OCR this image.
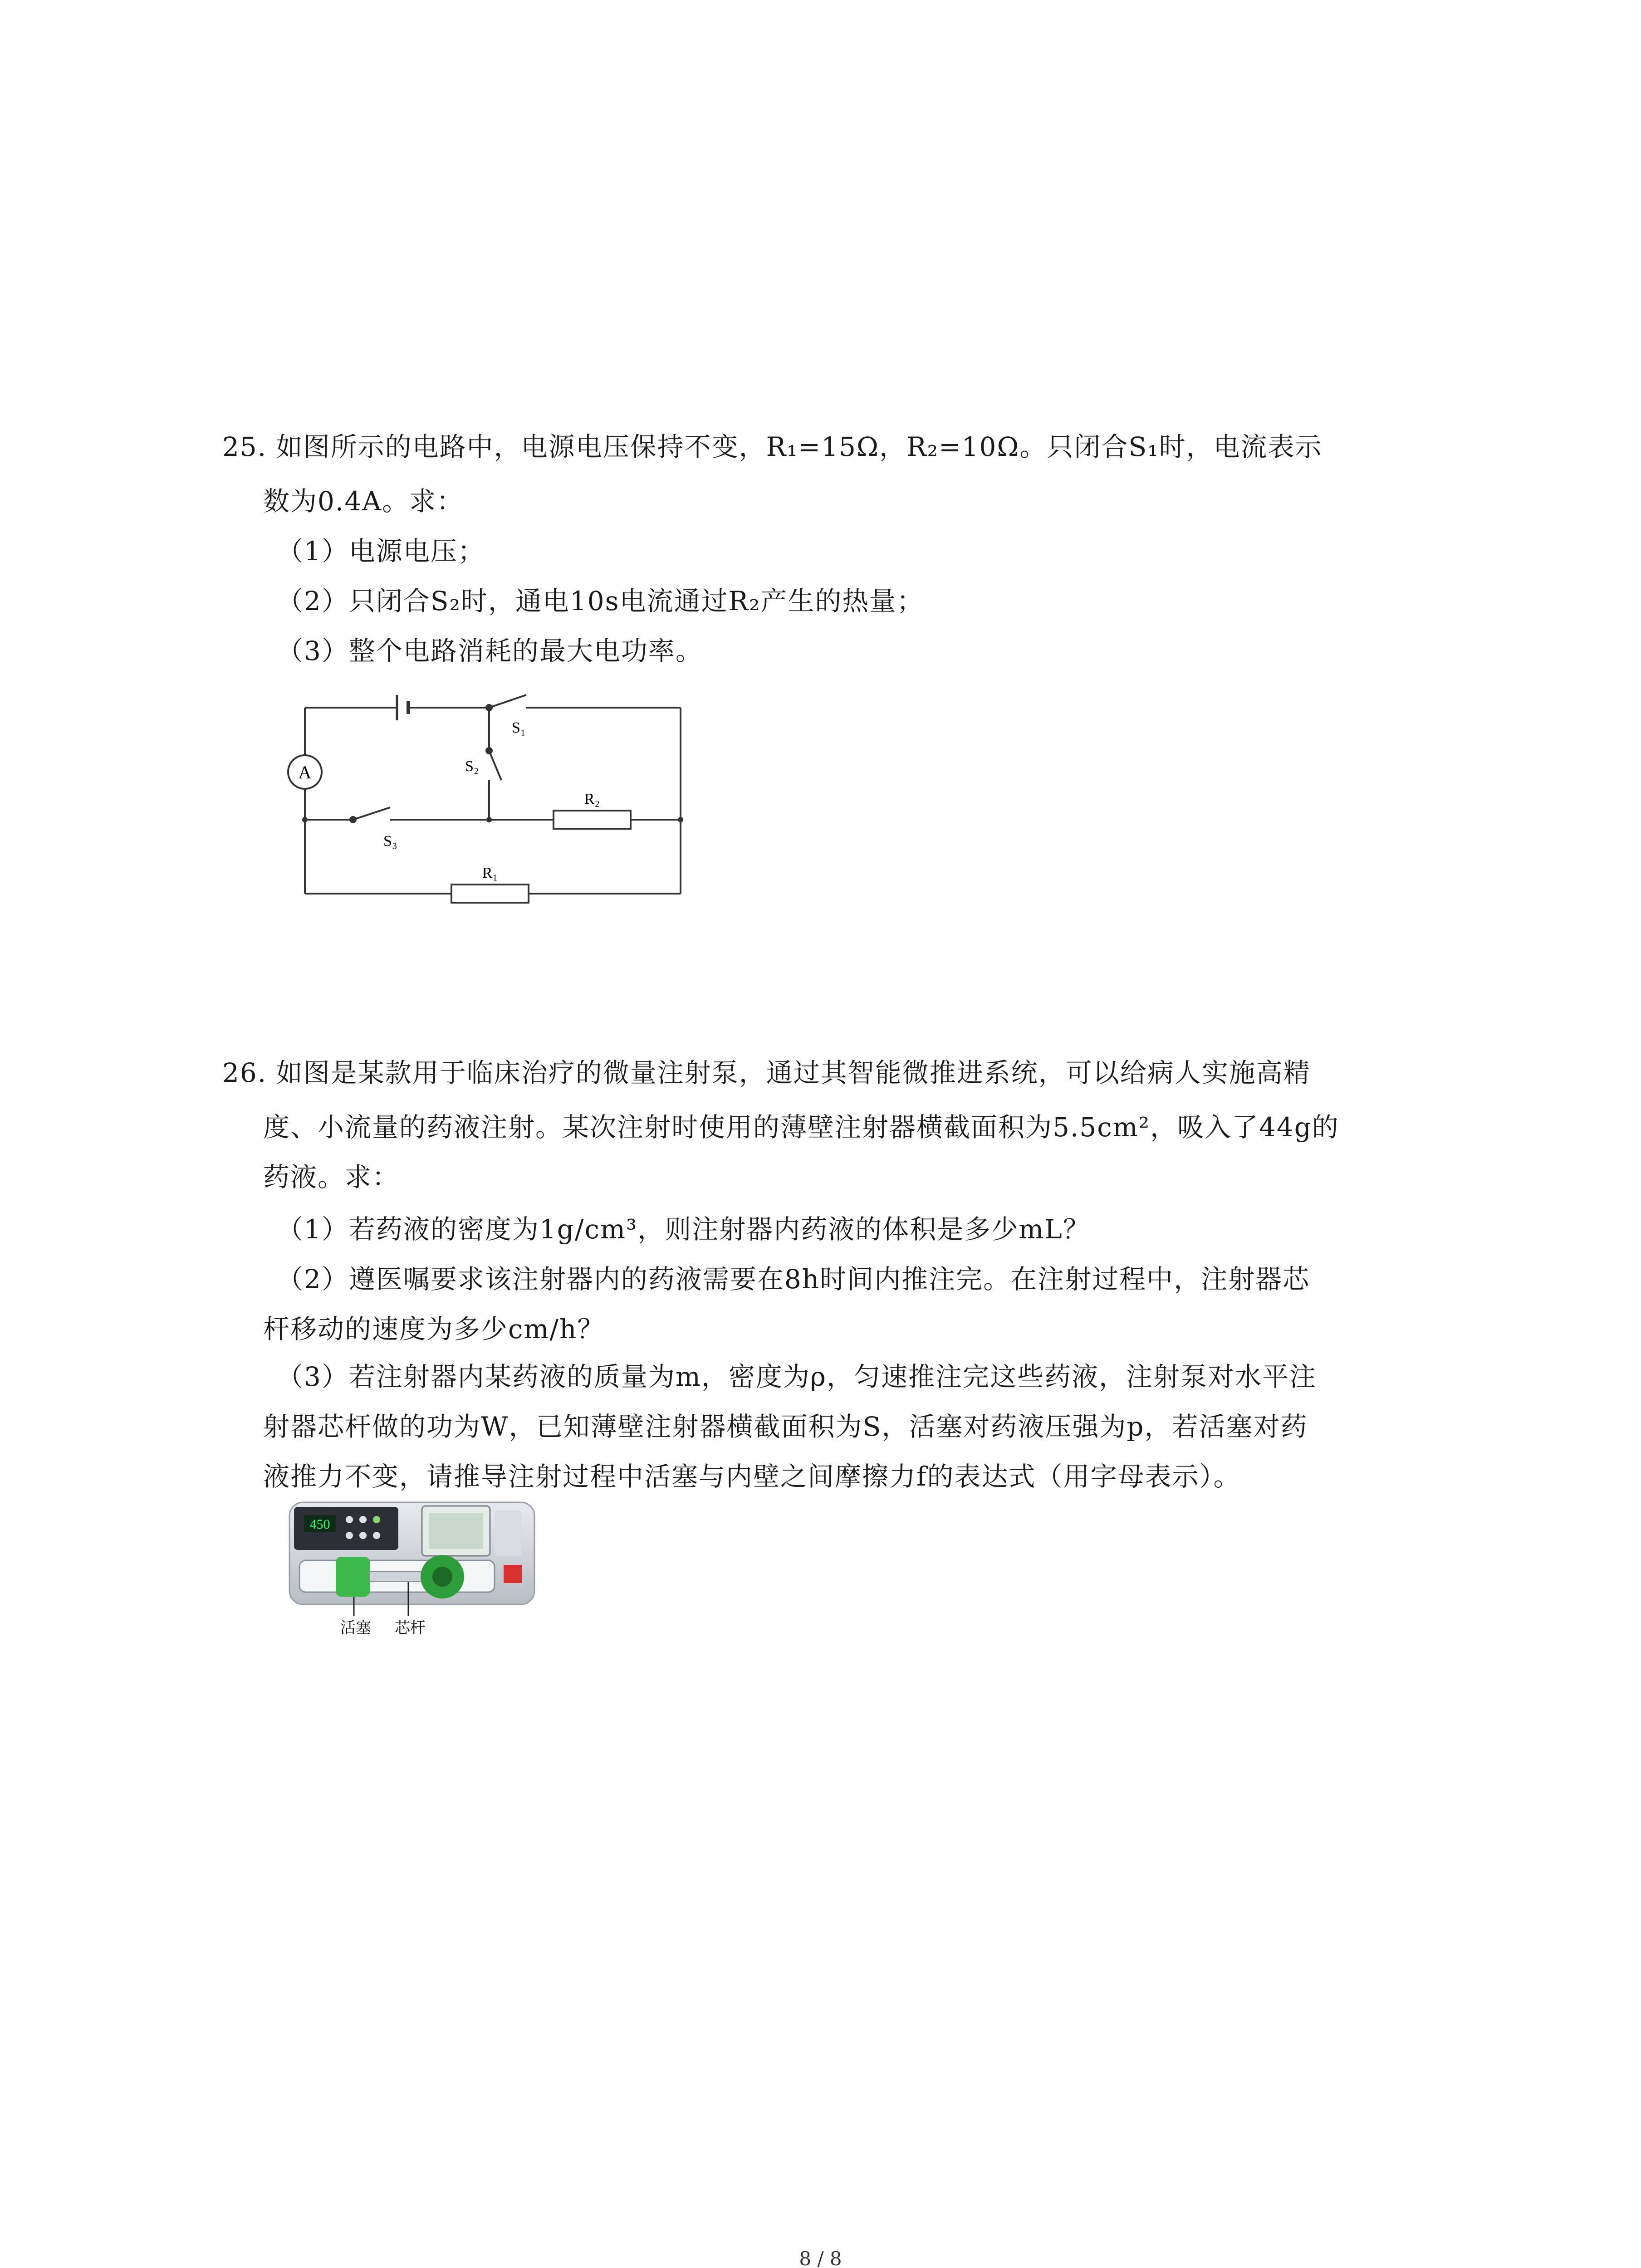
25. 如图所示的电路中，电源电压保持不变，R₁=15Ω，R₂=10Ω。只闭合S₁时，电流表示
数为0.4A。求：
（1）电源电压；
（2）只闭合S₂时，通电10s电流通过R₂产生的热量；
（3）整个电路消耗的最大电功率。
A
S₁
S₂
S₃
R₂
R₁
26. 如图是某款用于临床治疗的微量注射泵，通过其智能微推进系统，可以给病人实施高精
度、小流量的药液注射。某次注射时使用的薄壁注射器横截面积为5.5cm²，吸入了44g的
药液。求：
（1）若药液的密度为1g/cm³，则注射器内药液的体积是多少mL？
（2）遵医嘱要求该注射器内的药液需要在8h时间内推注完。在注射过程中，注射器芯
杆移动的速度为多少cm/h？
（3）若注射器内某药液的质量为m，密度为ρ，匀速推注完这些药液，注射泵对水平注
射器芯杆做的功为W，已知薄壁注射器横截面积为S，活塞对药液压强为p，若活塞对药
液推力不变，请推导注射过程中活塞与内壁之间摩擦力f的表达式（用字母表示）。
450
活塞 芯杆
8 / 8
